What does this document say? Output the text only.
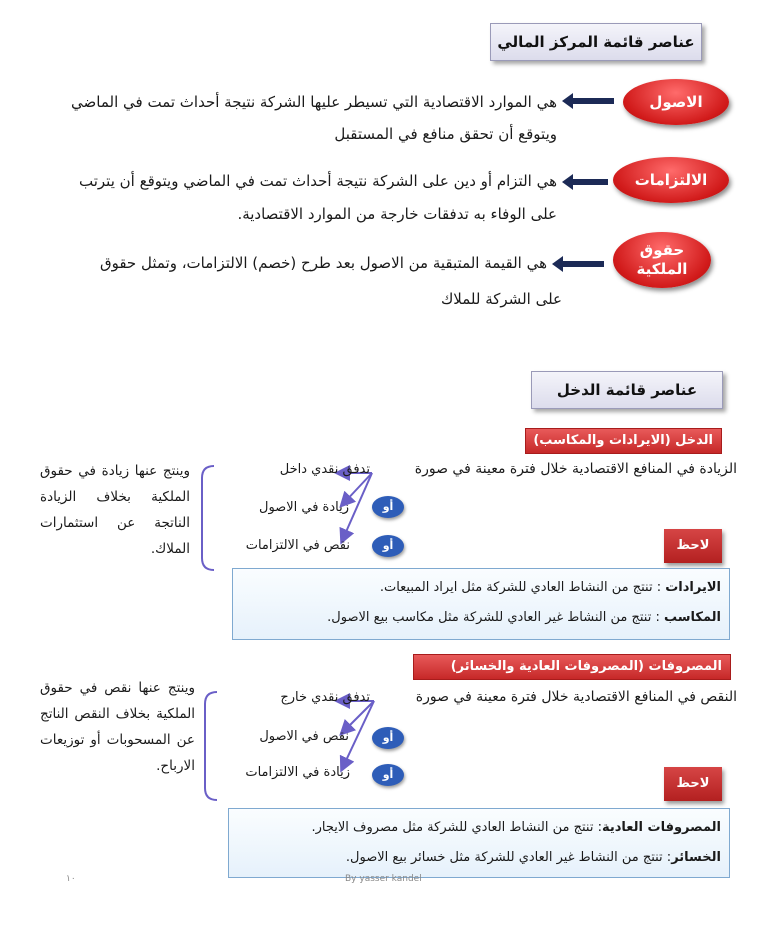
عناصر قائمة المركز المالي
الاصول
هي الموارد الاقتصادية التي تسيطر عليها الشركة نتيجة أحداث تمت في الماضي
ويتوقع أن تحقق منافع في المستقبل
الالتزامات
هي التزام أو دين على الشركة نتيجة أحداث تمت في الماضي ويتوقع أن يترتب
على الوفاء به تدفقات خارجة من الموارد الاقتصادية.
حقوق الملكية
هي القيمة المتبقية من الاصول بعد طرح (خصم) الالتزامات، وتمثل حقوق
على الشركة للملاك
عناصر قائمة الدخل
الدخل (الايرادات والمكاسب)
الزيادة في المنافع الاقتصادية خلال فترة معينة في صورة
تدفق نقدي داخل
أو
زيادة في الاصول
أو
نقص في الالتزامات
وينتج عنها زيادة في حقوق الملكية بخلاف الزيادة الناتجة عن استثمارات الملاك.	لاحظ
الايرادات : تنتج من النشاط العادي للشركة مثل ايراد المبيعات.
المكاسب : تنتج من النشاط غير العادي للشركة مثل مكاسب بيع الاصول.
المصروفات (المصروفات العادية والخسائر)
النقص في المنافع الاقتصادية خلال فترة معينة في صورة
تدفق نقدي خارج
أو
نقص في الاصول
أو
زيادة في الالتزامات
وينتج عنها نقص في حقوق الملكية بخلاف النقص الناتج عن المسحوبات أو توزيعات الارباح.
لاحظ
المصروفات العادية: تنتج من النشاط العادي للشركة مثل مصروف الايجار.
الخسائر: تنتج من النشاط غير العادي للشركة مثل خسائر بيع الاصول.
١٠	By yasser kandel
